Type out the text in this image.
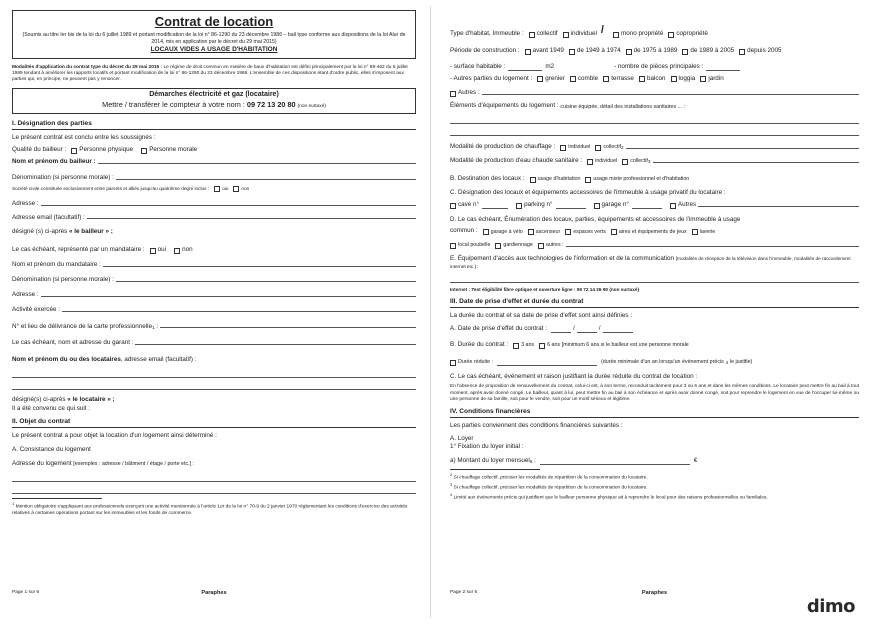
Contrat de location
(Soumis au titre Ier bis de la loi du 6 juillet 1989 et portant modification de la loi n° 86-1290 du 23 décembre 1986 – bail type conforme aux dispositions de la loi Alur de 2014, mis en application par le décret du 29 mai 2015)
LOCAUX VIDES A USAGE D'HABITATION
Modalités d'application du contrat type du décret du 29 mai 2015 : Le régime de droit commun en matière de baux d'habitation est défini principalement par la loi n° 89-462 du 6 juillet 1989 tendant à améliorer les rapports locatifs et portant modification de la loi n° 86-1290 du 23 décembre 1986. L'ensemble de ces dispositions étant d'ordre public, elles s'imposent aux parties qui, en principe, ne peuvent pas y renoncer.
Démarches électricité et gaz (locataire)
Mettre / transférer le compteur à votre nom : 09 72 13 20 80 (non surtaxé)
I. Désignation des parties
Le présent contrat est conclu entre les soussignés :
Qualité du bailleur : Personne physique	Personne morale
Nom et prénom du bailleur :
Dénomination (si personne morale) :
Société civile constituée exclusivement entre parents et alliés jusqu'au quatrième degré inclus :	oui	non
Adresse :
Adresse email (facultatif) :
désigné (s) ci-après
« le bailleur » ;
Le cas échéant, représenté par un mandataire : oui	non
Nom et prénom du mandataire :
Dénomination (si personne morale) :
Adresse :
Activité exercée :
N° et lieu de délivrance de la carte professionnelle 1 :
Le cas échéant, nom et adresse du garant :
Nom et prénom du ou des locataires , adresse email (facultatif) :
désigné(s) ci-après
« le locataire » ;
Il a été convenu ce qui suit :
II. Objet du contrat
Le présent contrat a pour objet la location d'un logement ainsi déterminé :
A. Consistance du logement
Adresse du logement
[exemples : adresse / bâtiment / étage / porte etc.] :
$^1$ Mention obligatoire s'appliquant aux professionnels exerçant une activité mentionnée à l'article 1er de la loi n° 70-9 du 2 janvier 1970 réglementant les conditions d'exercice des activités relatives à certaines opérations portant sur les immeubles et les fonds de commerce.
Page 1 sur 6	Paraphes
Type d'habitat, Immeuble : collectif individuel /	mono propriété copropriété
Période de construction : avant 1949 de 1949 à 1974 de 1975 à 1989 de 1989 à 2005 depuis 2005
- surface habitable :	m2	- nombre de pièces principales :
- Autres parties du logement : grenier comble terrasse balcon loggia jardin
Autres :
Éléments d'équipements du logement :
cuisine équipée, détail des installations sanitaires ... :
Modalité de production de chauffage : individuel collectif 2
Modalité de production d'eau chaude sanitaire : individuel collectif 3
B. Destination des locaux : usage d'habitation usage mixte professionnel et d'habitation
C. Désignation des locaux et équipements accessoires de l'immeuble à usage privatif du locataire :
cave n°	parking n°	garage n°	Autres
D. Le cas échéant, Énumération des locaux, parties, équipements et accessoires de l'immeuble à usage
commun : garage à vélo ascenseur espaces verts aires et équipements de jeux laverie
local poubelle gardiennage autres :
E. Équipement d'accès aux technologies de l'information et de la communication [modalités de réception de la télévision dans l'immeuble, modalités de raccordement internet etc.] :
Internet : Test éligibilité fibre optique et ouverture ligne : 09 72 14 26 90 (non surtaxé)
III. Date de prise d'effet et durée du contrat
La durée du contrat et sa date de prise d'effet sont ainsi définies :
A. Date de prise d'effet du contrat :	/	/
B. Durée du contrat : 3 ans 6 ans
[minimum 6 ans si le bailleur est une personne morale
Durée réduite :	(durée minimale d'un an lorsqu'un événement précis
4
le justifie)
C. Le cas échéant, événement et raison justifiant la durée réduite du contrat de location :
En l'absence de proposition de renouvellement du contrat, celui-ci est, à son terme, reconduit tacitement pour 3 ou 6 ans et dans les mêmes conditions. Le locataire peut mettre fin au bail à tout moment, après avoir donné congé. Le bailleur, quant à lui, peut mettre fin au bail à son échéance et après avoir donné congé, soit pour reprendre le logement en vue de l'occuper lui-même ou une personne de sa famille, soit pour le vendre, soit pour un motif sérieux et légitime.
IV. Conditions financières
Les parties conviennent des conditions financières suivantes :
A. Loyer
1° Fixation du loyer initial :
a) Montant du loyer mensuel 5 :	€
$^2$ Si chauffage collectif, préciser les modalités de répartition de la consommation du locataire.
$^3$ Si chauffage collectif, préciser les modalités de répartition de la consommation du locataire.
$^4$ Limité aux événements précis qui justifient que le bailleur personne physique ait à reprendre le local pour des raisons professionnelles ou familiales.
Page 2 sur 6	Paraphes
dimo
